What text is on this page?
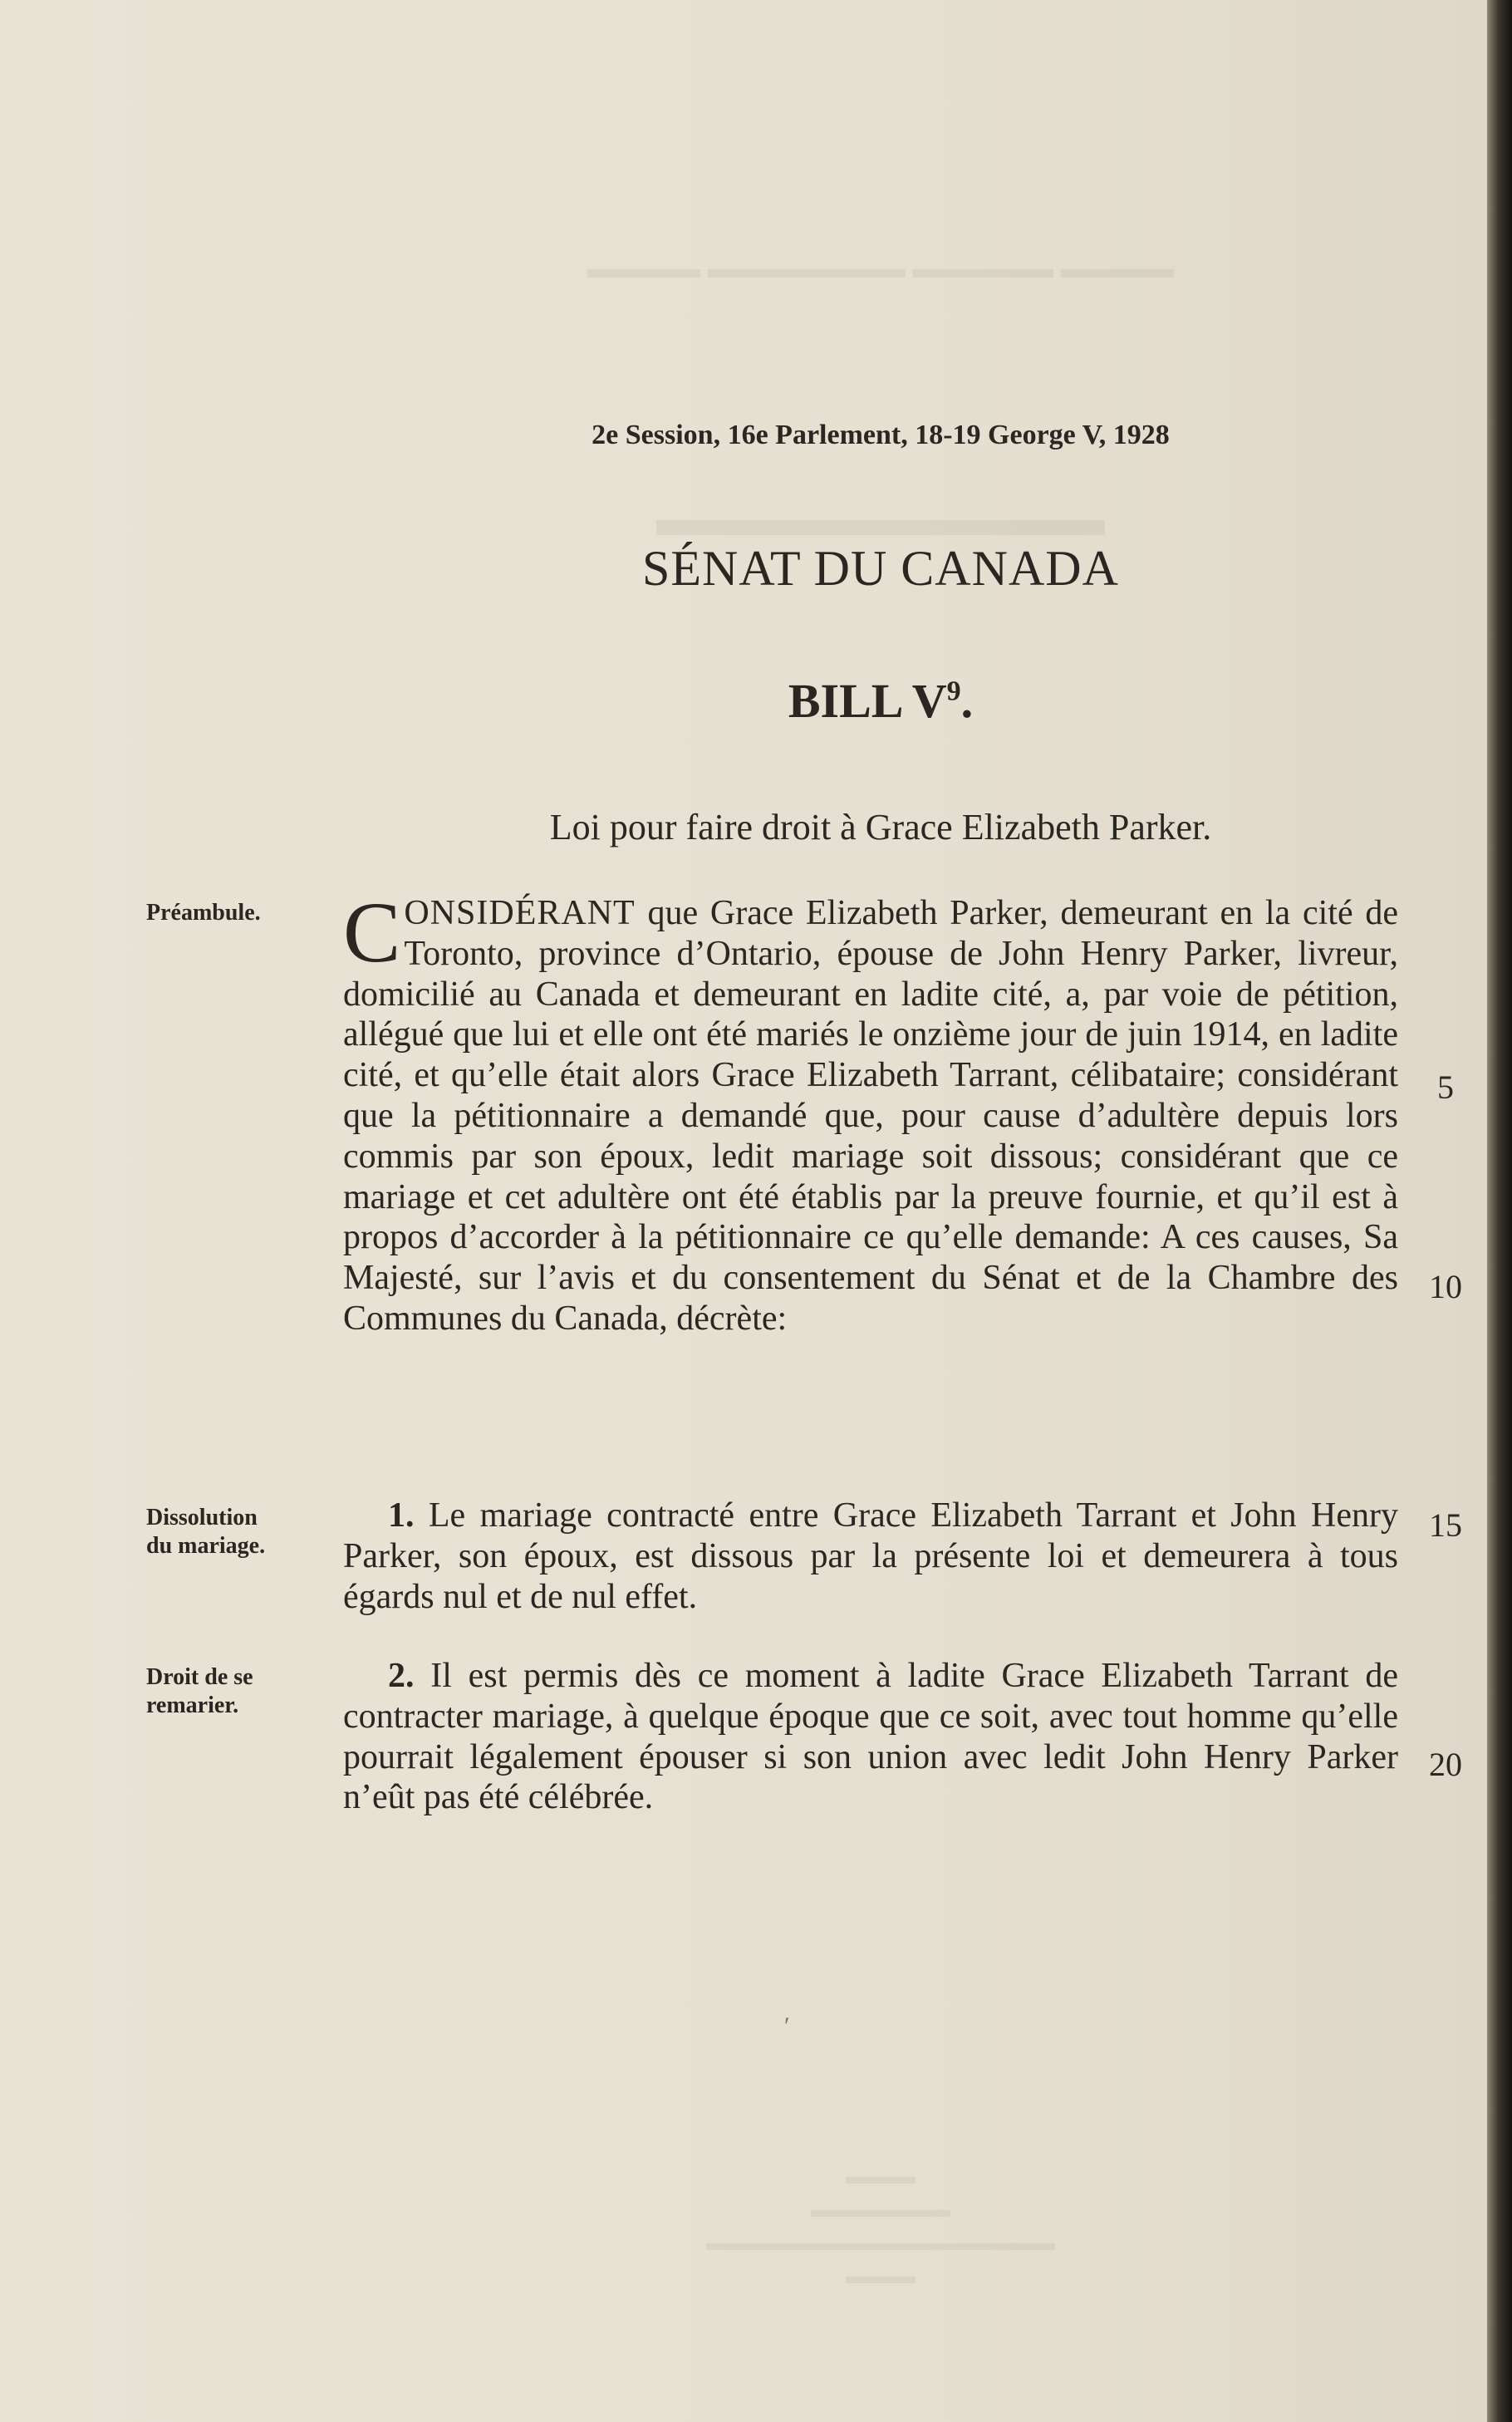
▬▬▬▬ ▬▬▬▬▬ ▬▬▬▬▬▬▬ ▬▬▬▬
▬▬▬▬▬▬▬▬▬
▬▬▬
▬▬▬▬▬▬
▬▬▬▬▬▬▬▬▬▬▬▬▬▬▬
▬▬▬
2e Session, 16e Parlement, 18-19 George V, 1928
SÉNAT DU CANADA
BILL $V^9$.
Loi pour faire droit à Grace Elizabeth Parker.
Préambule.
Dissolution
du mariage.
Droit de se
remarier.

CONSIDÉRANT que Grace Elizabeth Parker, demeurant en la cité de Toronto, province d’Ontario, épouse de John Henry Parker, livreur, domicilié au Canada et demeurant en ladite cité, a, par voie de pétition, allégué que lui et elle ont été mariés le onzième jour de juin 1914, en ladite cité, et qu’elle était alors Grace Elizabeth Tarrant, célibataire; considérant que la pétitionnaire a demandé que, pour cause d’adultère depuis lors commis par son époux, ledit mariage soit dissous; considérant que ce mariage et cet adultère ont été établis par la preuve fournie, et qu’il est à propos d’accorder à la pétitionnaire ce qu’elle demande: A ces causes, Sa Majesté, sur l’avis et du consentement du Sénat et de la Chambre des Communes du Canada, décrète:

1. Le mariage contracté entre Grace Elizabeth Tarrant et John Henry Parker, son époux, est dissous par la présente loi et demeurera à tous égards nul et de nul effet.

2. Il est permis dès ce moment à ladite Grace Elizabeth Tarrant de contracter mariage, à quelque époque que ce soit, avec tout homme qu’elle pourrait légalement épouser si son union avec ledit John Henry Parker n’eût pas été célébrée.

5
10
15
20
ʹ
